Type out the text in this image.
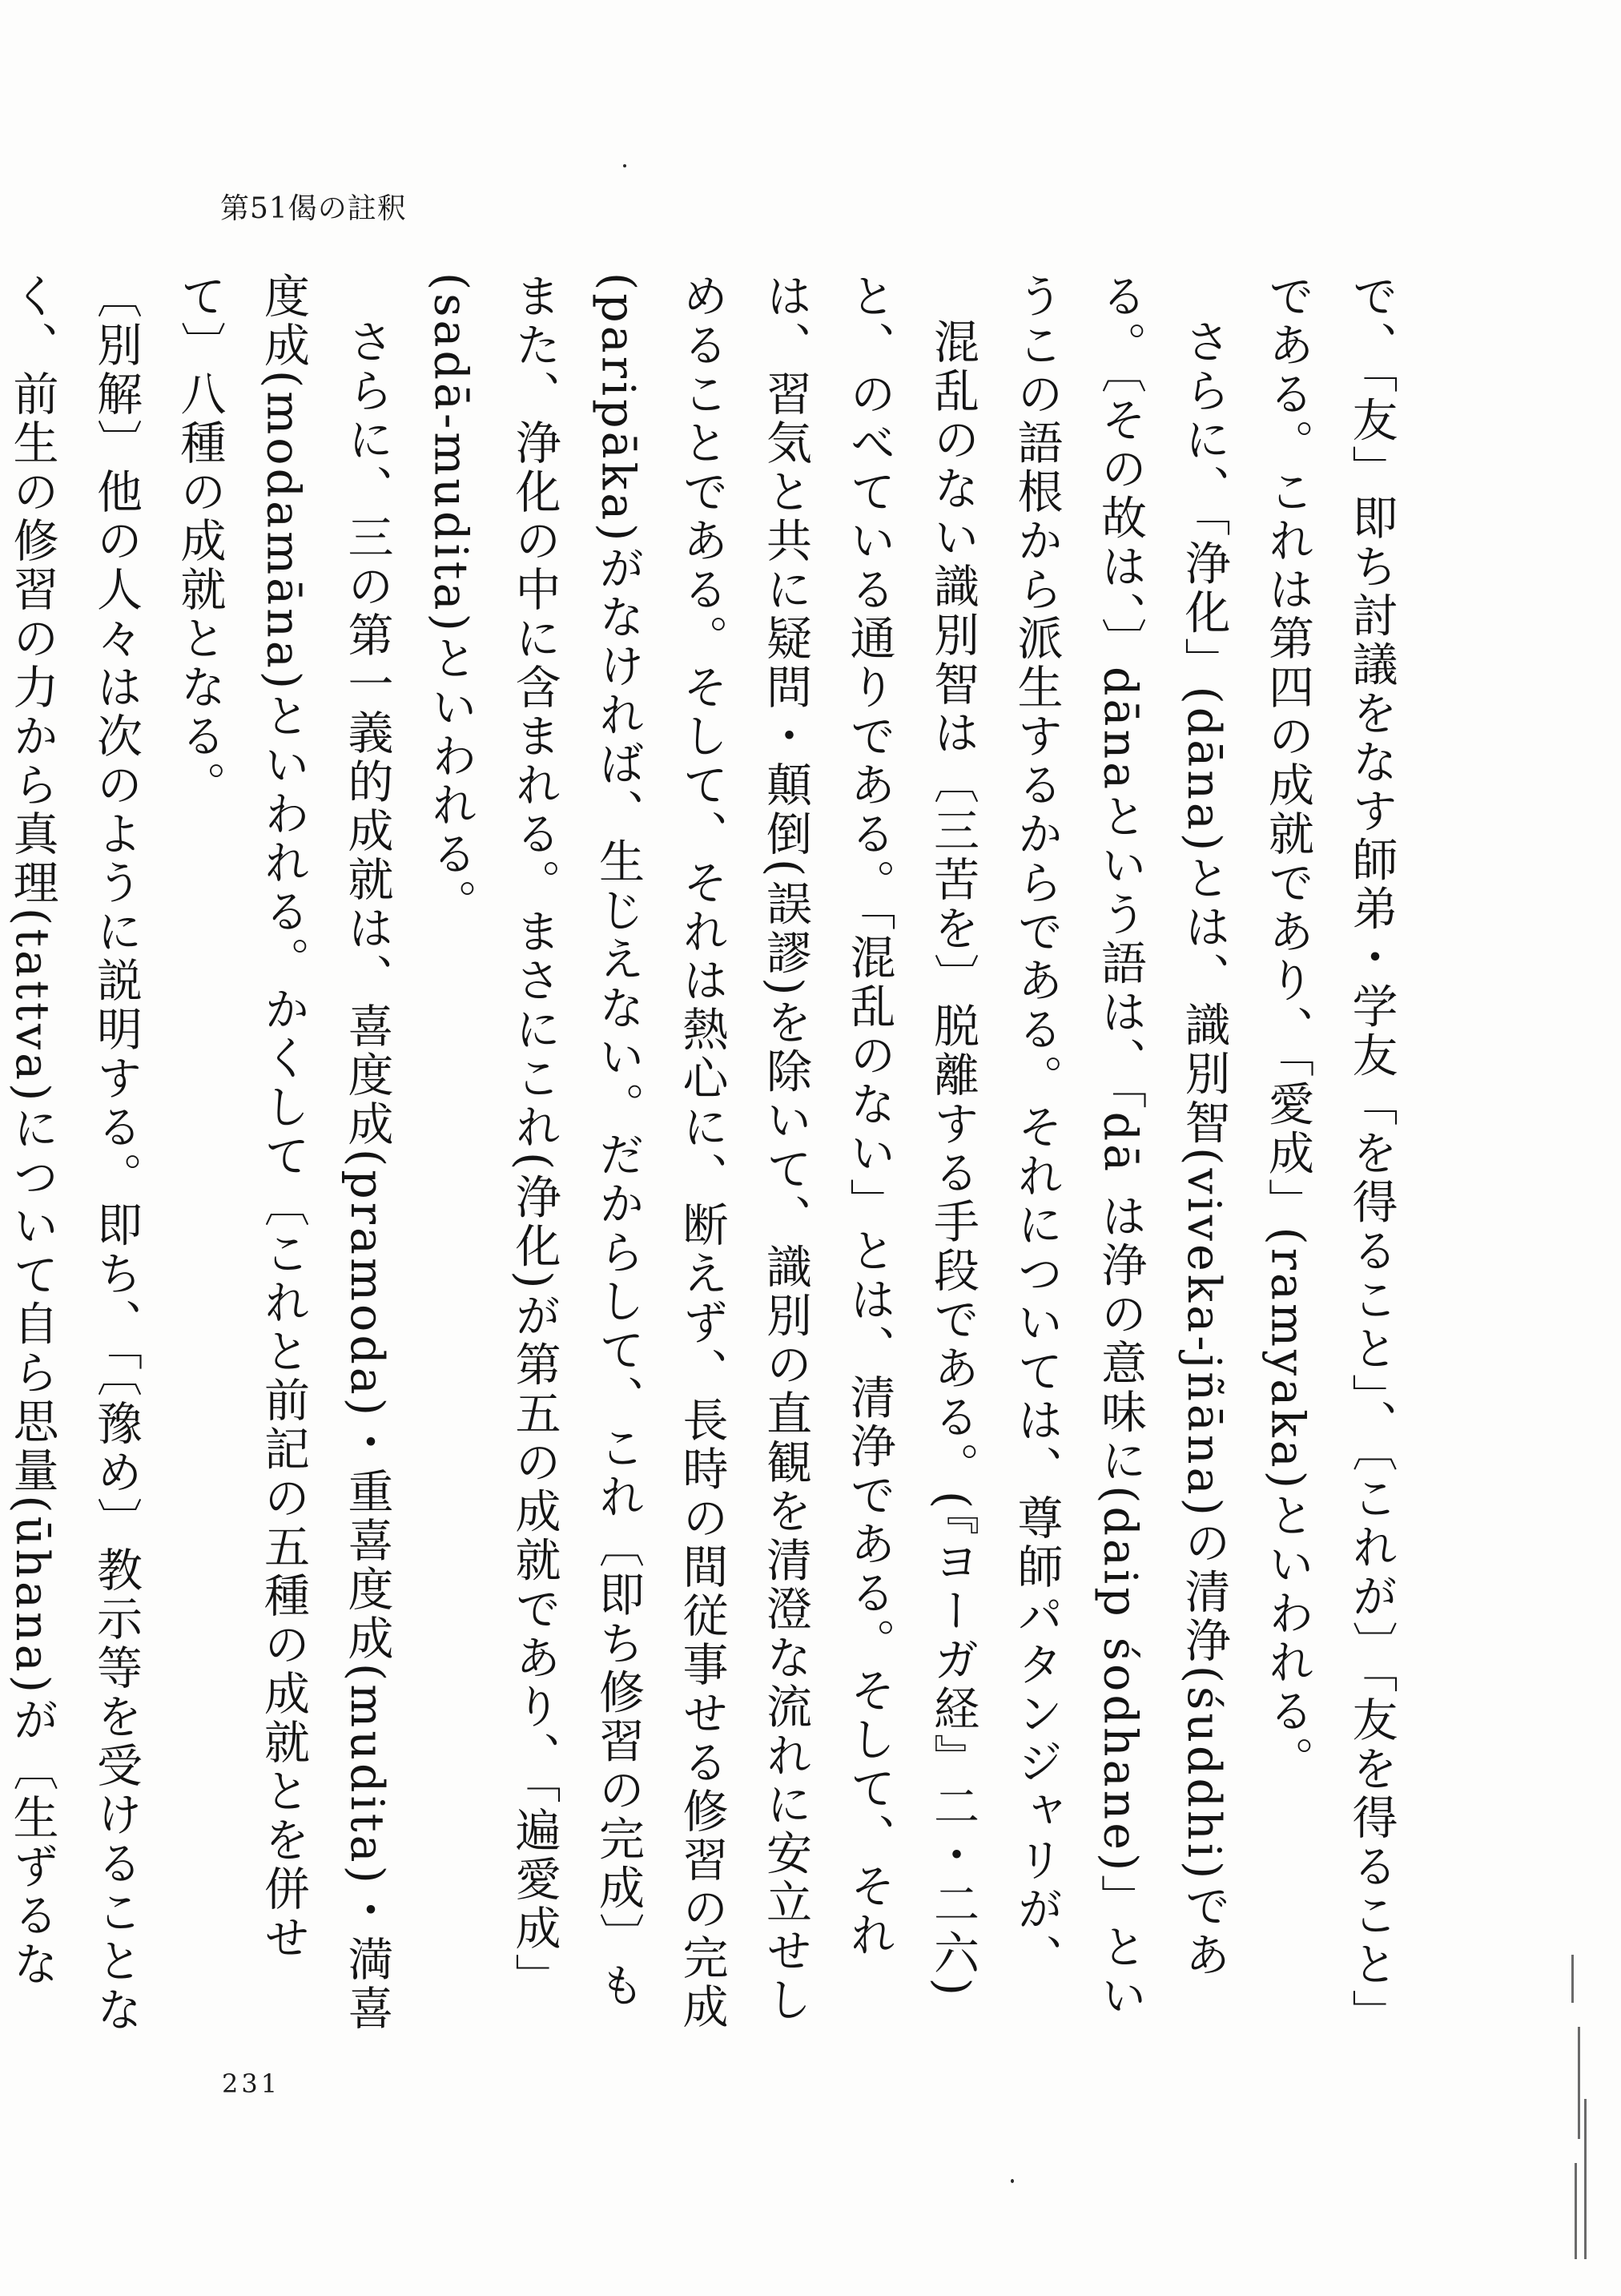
第51偈の註釈

で、「友」即ち討議をなす師弟・学友「を得ること」、〔これが〕「友を得ること」である。これは第四の成就であり、「愛成」(ramyaka)といわれる。

さらに、「浄化」(dāna)とは、識別智(viveka-jñāna)の清浄(śuddhi)である。〔その故は、〕dānaという語は、「dā は浄の意味に(daip śodhane)」というこの語根から派生するからである。それについては、尊師パタンジャリが、

混乱のない識別智は〔三苦を〕脱離する手段である。(『ヨーガ経』二・二六)

と、のべている通りである。「混乱のない」とは、清浄である。そして、それは、習気と共に疑問・顛倒(誤謬)を除いて、識別の直観を清澄な流れに安立せしめることである。そして、それは熱心に、断えず、長時の間従事せる修習の完成(paripāka)がなければ、生じえない。だからして、これ〔即ち修習の完成〕もまた、浄化の中に含まれる。まさにこれ(浄化)が第五の成就であり、「遍愛成」(sadā-mudita)といわれる。

さらに、三の第一義的成就は、喜度成(pramoda)・重喜度成(mudita)・満喜度成(modamāna)といわれる。かくして〔これと前記の五種の成就とを併せて〕八種の成就となる。

〔別解〕他の人々は次のように説明する。即ち、「〔豫め〕教示等を受けることなく、前生の修習の力から真理(tattva)について自ら思量(ūhana)が〔生ずるな

231
